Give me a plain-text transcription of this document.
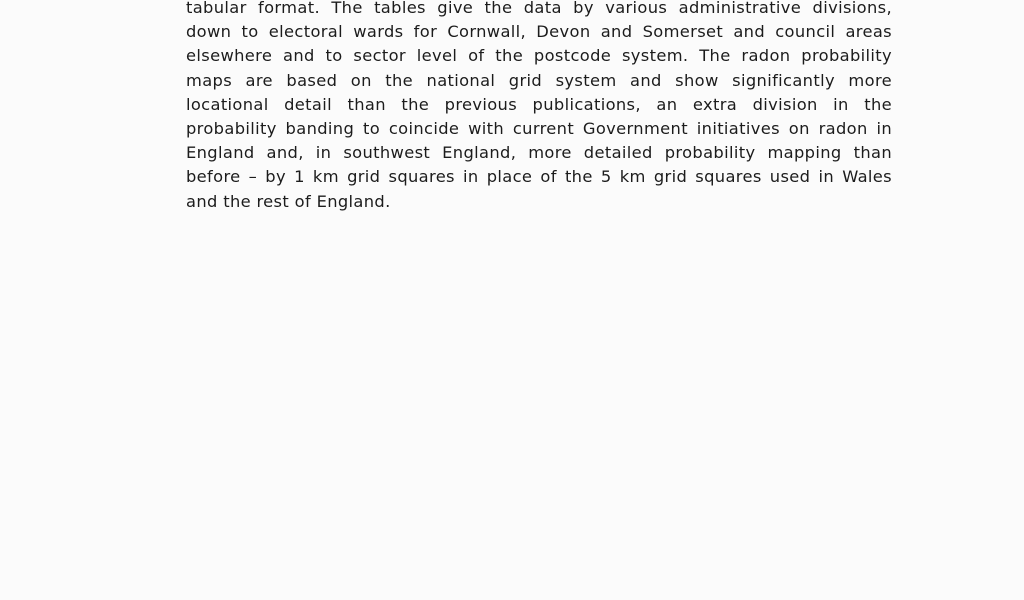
tabular format. The tables give the data by various administrative divisions,
down to electoral wards for Cornwall, Devon and Somerset and council areas
elsewhere and to sector level of the postcode system. The radon probability
maps are based on the national grid system and show significantly more
locational detail than the previous publications, an extra division in the
probability banding to coincide with current Government initiatives on radon in
England and, in southwest England, more detailed probability mapping than
before – by 1 km grid squares in place of the 5 km grid squares used in Wales
and the rest of England.
